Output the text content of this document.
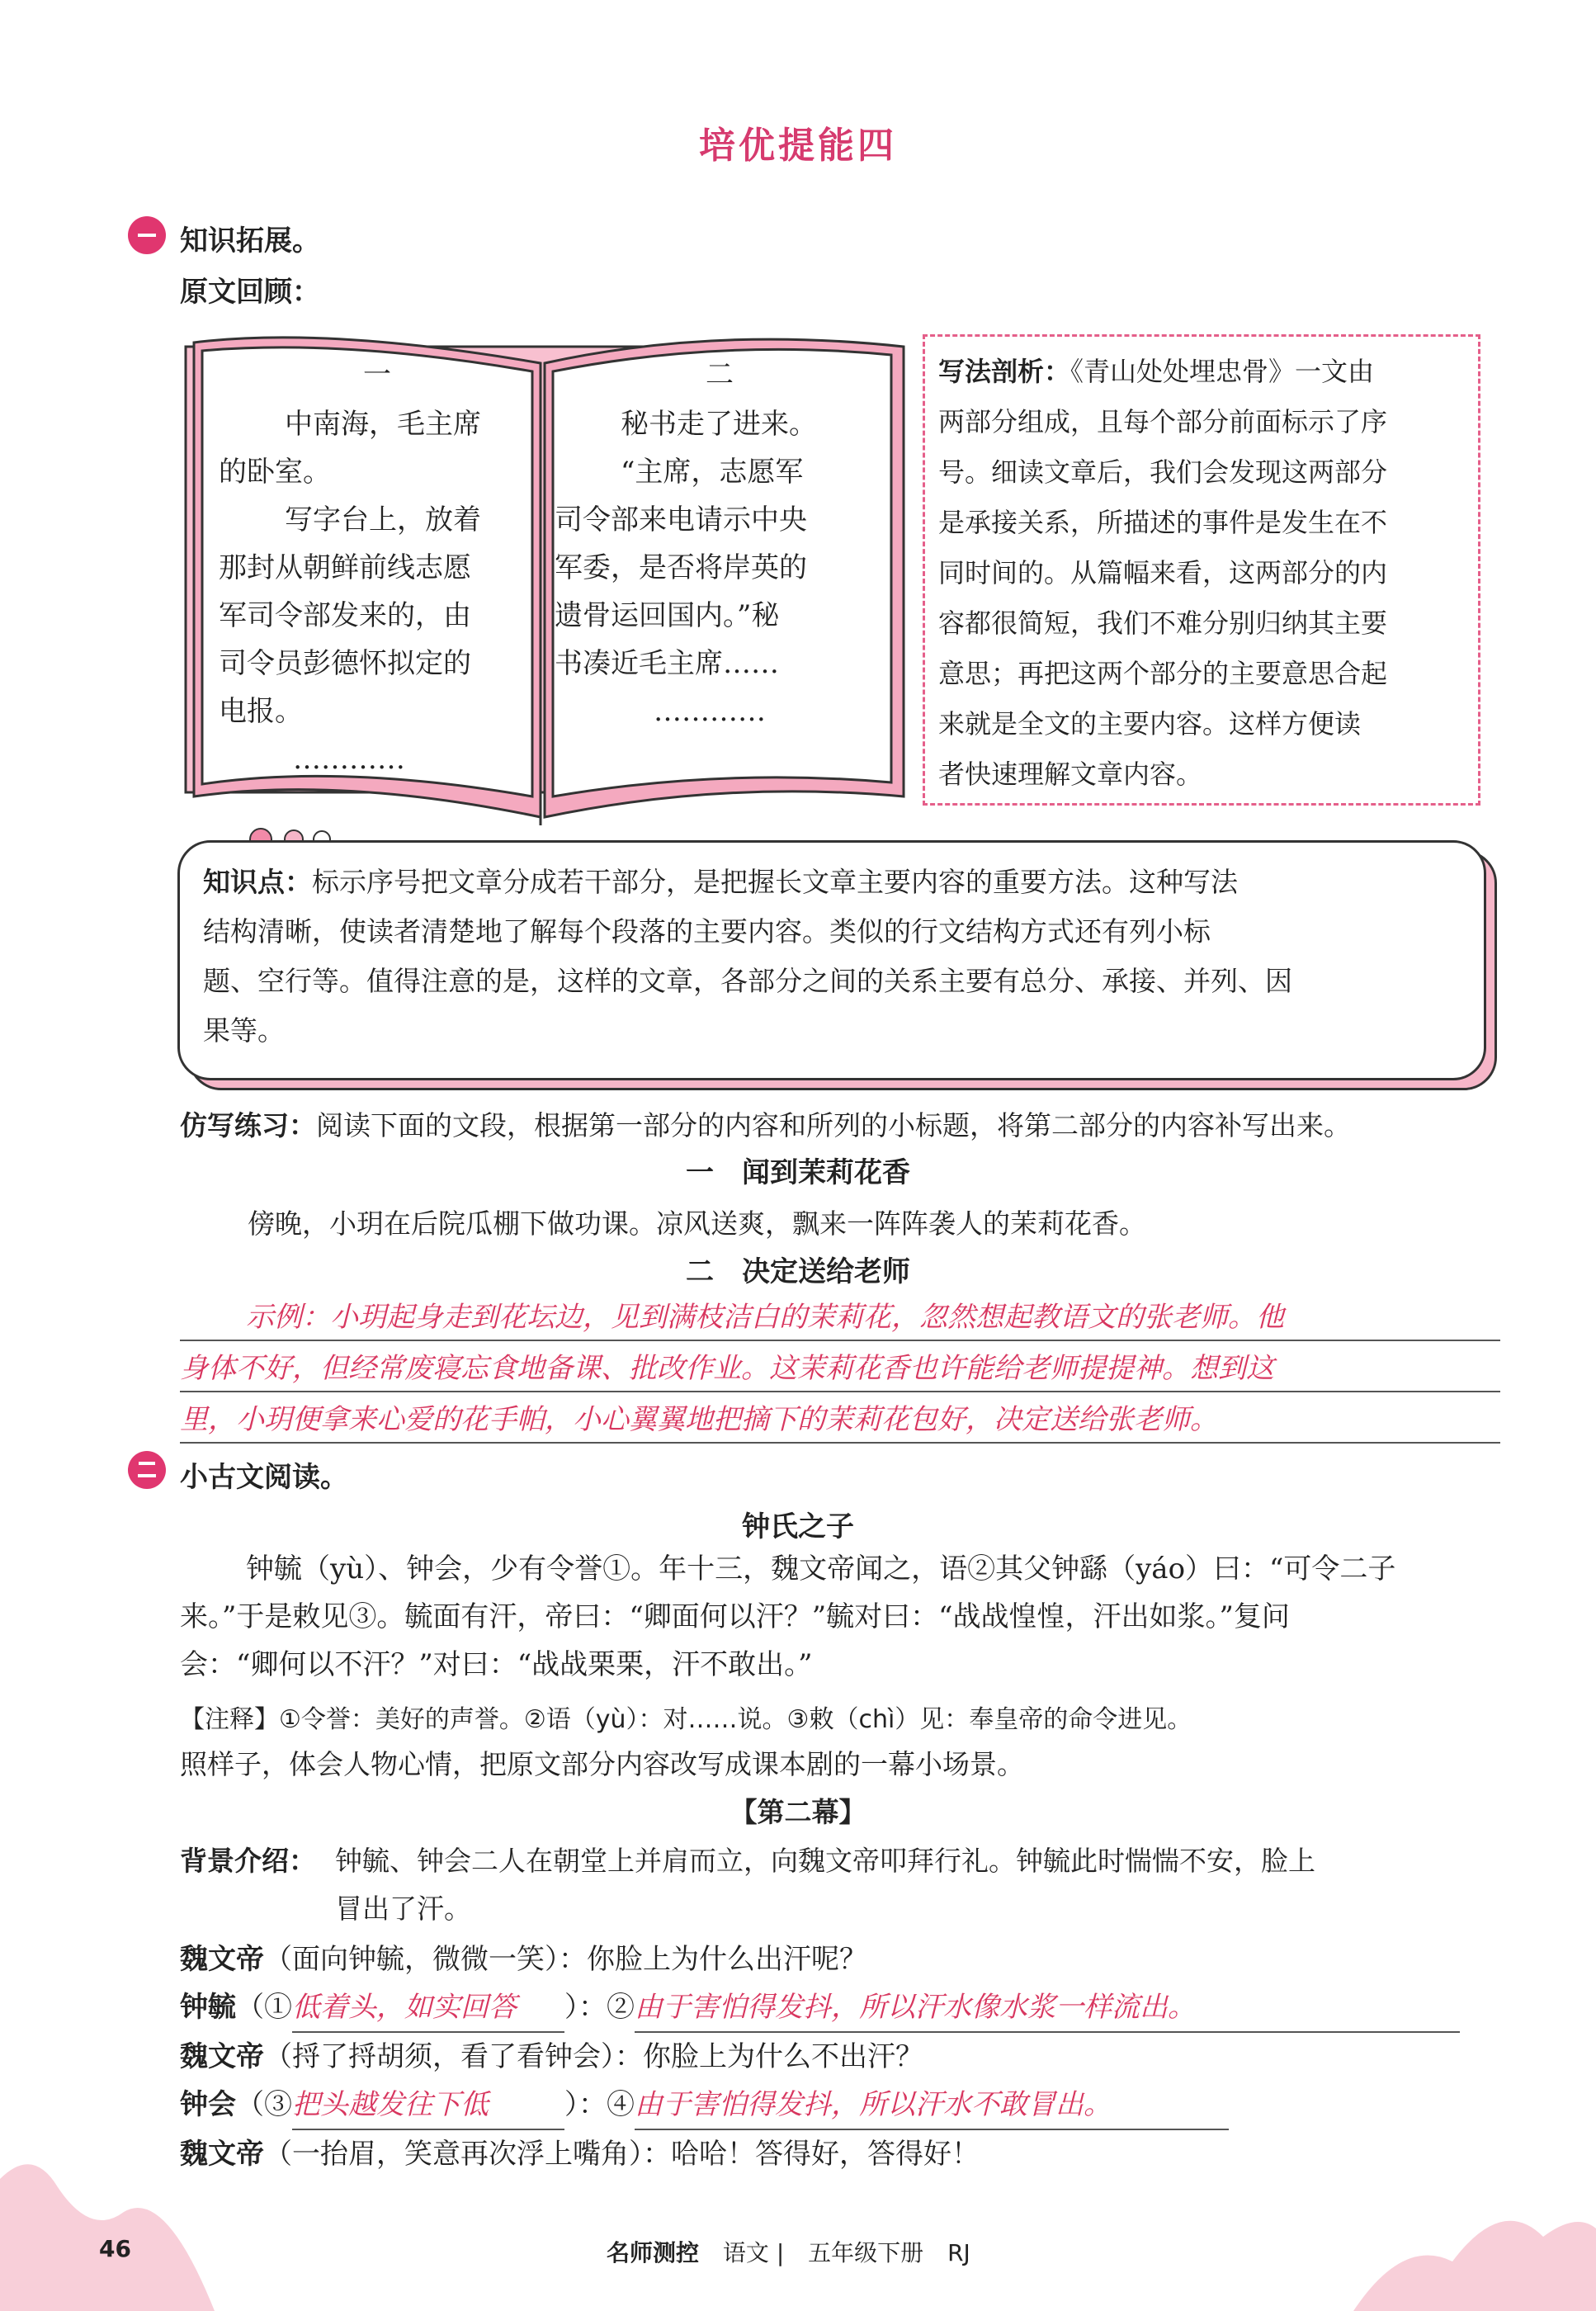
培优提能四
知识拓展。
原文回顾：
一
中南海，毛主席
的卧室。
写字台上，放着
那封从朝鲜前线志愿
军司令部发来的，由
司令员彭德怀拟定的
电报。
…………
二
秘书走了进来。
“主席，志愿军
司令部来电请示中央
军委，是否将岸英的
遗骨运回国内。”秘
书凑近毛主席……
…………
写法剖析：《青山处处埋忠骨》一文由
两部分组成，且每个部分前面标示了序
号。细读文章后，我们会发现这两部分
是承接关系，所描述的事件是发生在不
同时间的。从篇幅来看，这两部分的内
容都很简短，我们不难分别归纳其主要
意思；再把这两个部分的主要意思合起
来就是全文的主要内容。这样方便读
者快速理解文章内容。
知识点：标示序号把文章分成若干部分，是把握长文章主要内容的重要方法。这种写法
结构清晰，使读者清楚地了解每个段落的主要内容。类似的行文结构方式还有列小标
题、空行等。值得注意的是，这样的文章，各部分之间的关系主要有总分、承接、并列、因
果等。
仿写练习：阅读下面的文段，根据第一部分的内容和所列的小标题，将第二部分的内容补写出来。
一　闻到茉莉花香
傍晚，小玥在后院瓜棚下做功课。凉风送爽，飘来一阵阵袭人的茉莉花香。
二　决定送给老师
示例：小玥起身走到花坛边，见到满枝洁白的茉莉花，忽然想起教语文的张老师。他
身体不好，但经常废寝忘食地备课、批改作业。这茉莉花香也许能给老师提提神。想到这
里，小玥便拿来心爱的花手帕，小心翼翼地把摘下的茉莉花包好，决定送给张老师。
小古文阅读。
钟氏之子
钟毓（yù）、钟会，少有令誉①。年十三，魏文帝闻之，语②其父钟繇（yáo）曰：“可令二子
来。”于是敕见③。毓面有汗，帝曰：“卿面何以汗？”毓对曰：“战战惶惶，汗出如浆。”复问
会：“卿何以不汗？”对曰：“战战栗栗，汗不敢出。”
【注释】①令誉：美好的声誉。②语（yù）：对……说。③敕（chì）见：奉皇帝的命令进见。
照样子，体会人物心情，把原文部分内容改写成课本剧的一幕小场景。
【第二幕】
背景介绍： 钟毓、钟会二人在朝堂上并肩而立，向魏文帝叩拜行礼。钟毓此时惴惴不安，脸上
冒出了汗。
魏文帝（面向钟毓，微微一笑）：你脸上为什么出汗呢？
钟毓（①低着头，如实回答 ）：②由于害怕得发抖，所以汗水像水浆一样流出。
魏文帝（捋了捋胡须，看了看钟会）：你脸上为什么不出汗？
钟会（③把头越发往下低	）：④由于害怕得发抖，所以汗水不敢冒出。
魏文帝（一抬眉，笑意再次浮上嘴角）：哈哈！答得好，答得好！
46	名师测控 语文 | 五年级下册 RJ
